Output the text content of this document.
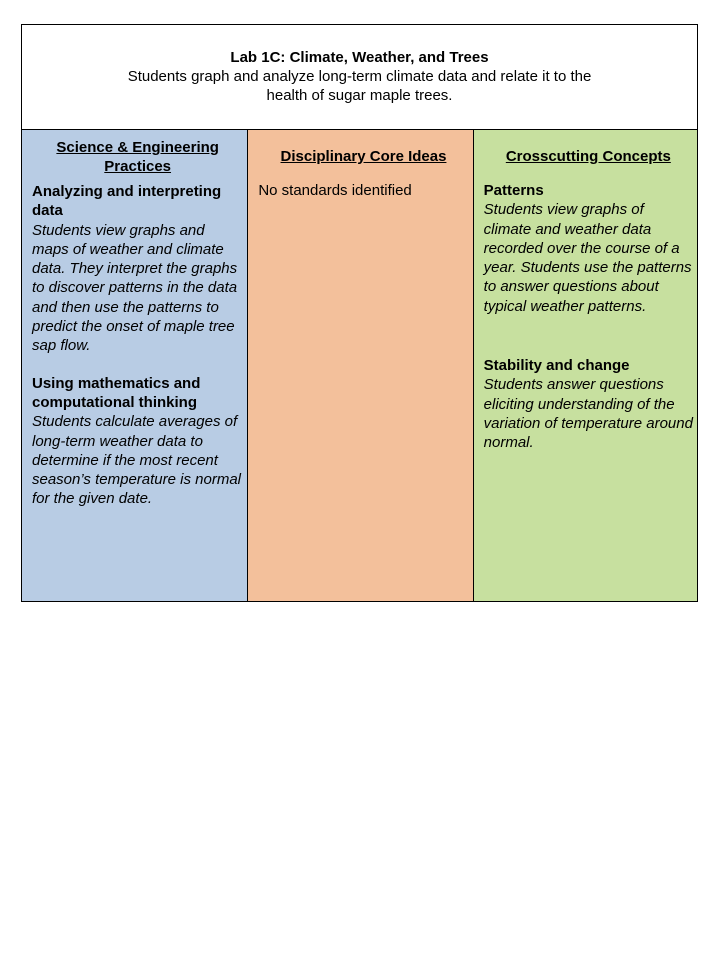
Lab 1C: Climate, Weather, and Trees
Students graph and analyze long-term climate data and relate it to the health of sugar maple trees.
Science & Engineering Practices
Analyzing and interpreting data
Students view graphs and maps of weather and climate data. They interpret the graphs to discover patterns in the data and then use the patterns to predict the onset of maple tree sap flow.
Using mathematics and computational thinking
Students calculate averages of long-term weather data to determine if the most recent season’s temperature is normal for the given date.
Disciplinary Core Ideas
No standards identified
Crosscutting Concepts
Patterns
Students view graphs of climate and weather data recorded over the course of a year. Students use the patterns to answer questions about typical weather patterns.
Stability and change
Students answer questions eliciting understanding of the variation of temperature around normal.
